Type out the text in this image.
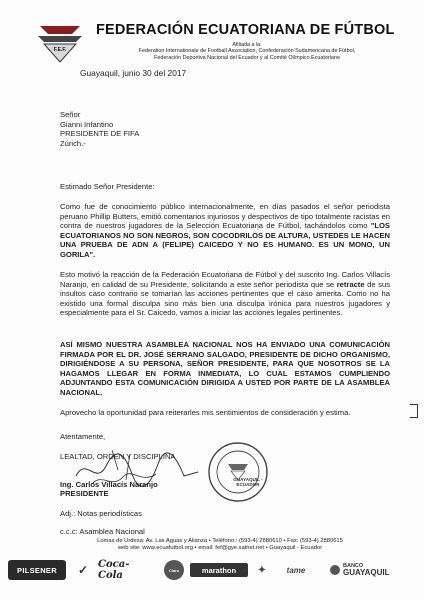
F.E.F.
FEDERACIÓN ECUATORIANA DE FÚTBOL
Afiliada a la:
Federation Internationale de Football Association, Confederación Sudamericana de Fútbol,
Federación Deportiva Nacional del Ecuador y al Comité Olímpico Ecuatoriano
Guayaquil, junio 30 del 2017
Señor
Gianni Infantino
PRESIDENTE DE FIFA
Zúrich.-
Estimado Señor Presidente:
Como fue de conocimiento público internacionalmente, en días pasados el señor periodista peruano Phillip Butters, emitió comentarios injuriosos y despectivos de tipo totalmente racistas en contra de nuestros jugadores de la Selección Ecuatoriana de Fútbol, tachándolos como "LOS ECUATORIANOS NO SON NEGROS, SON COCODRILOS DE ALTURA, USTEDES LE HACEN UNA PRUEBA DE ADN A (FELIPE) CAICEDO Y NO ES HUMANO. ES UN MONO, UN GORILA".
Esto motivó la reacción de la Federación Ecuatoriana de Fútbol y del suscrito Ing. Carlos Villacís Naranjo, en calidad de su Presidente, solicitando a este señor periodista que se retracte de sus insultos caso contrario se tomarían las acciones pertinentes que el caso amerita. Como no ha existido una formal disculpa sino más bien una disculpa irónica para nuestros jugadores y especialmente para el Sr. Caicedo, vamos a iniciar las acciones legales pertinentes.
ASÍ MISMO NUESTRA ASAMBLEA NACIONAL NOS HA ENVIADO UNA COMUNICACIÓN FIRMADA POR EL DR. JOSÉ SERRANO SALGADO, PRESIDENTE DE DICHO ORGANISMO, DIRIGIÉNDOSE A SU PERSONA, SEÑOR PRESIDENTE, PARA QUE NOSOTROS SE LA HAGAMOS LLEGAR EN FORMA INMEDIATA, LO CUAL ESTAMOS CUMPLIENDO ADJUNTANDO ESTA COMUNICACIÓN DIRIGIDA A USTED POR PARTE DE LA ASAMBLEA NACIONAL.
Aprovecho la oportunidad para reiterarles mis sentimientos de consideración y estima.
Atentamente,
LEALTAD, ORDEN Y DISCIPLINA
GUAYAQUIL - ECUADOR
Ing. Carlos Villacís Naranjo
PRESIDENTE
Adj.: Notas periodísticas
c.c.c: Asamblea Nacional
Lomas de Urdesa: Av. Las Aguas y Alianza • Teléfono:: (593-4) 2880610 • Fax: (593-4) 2880615
web site: www.ecuafutbol.org • email: fef@gye.satnet.net • Guayaquil - Ecuador
PILSENER	✓ Coca-Cola	Claro	marathon	✦	tame	BANCO
GUAYAQUIL
